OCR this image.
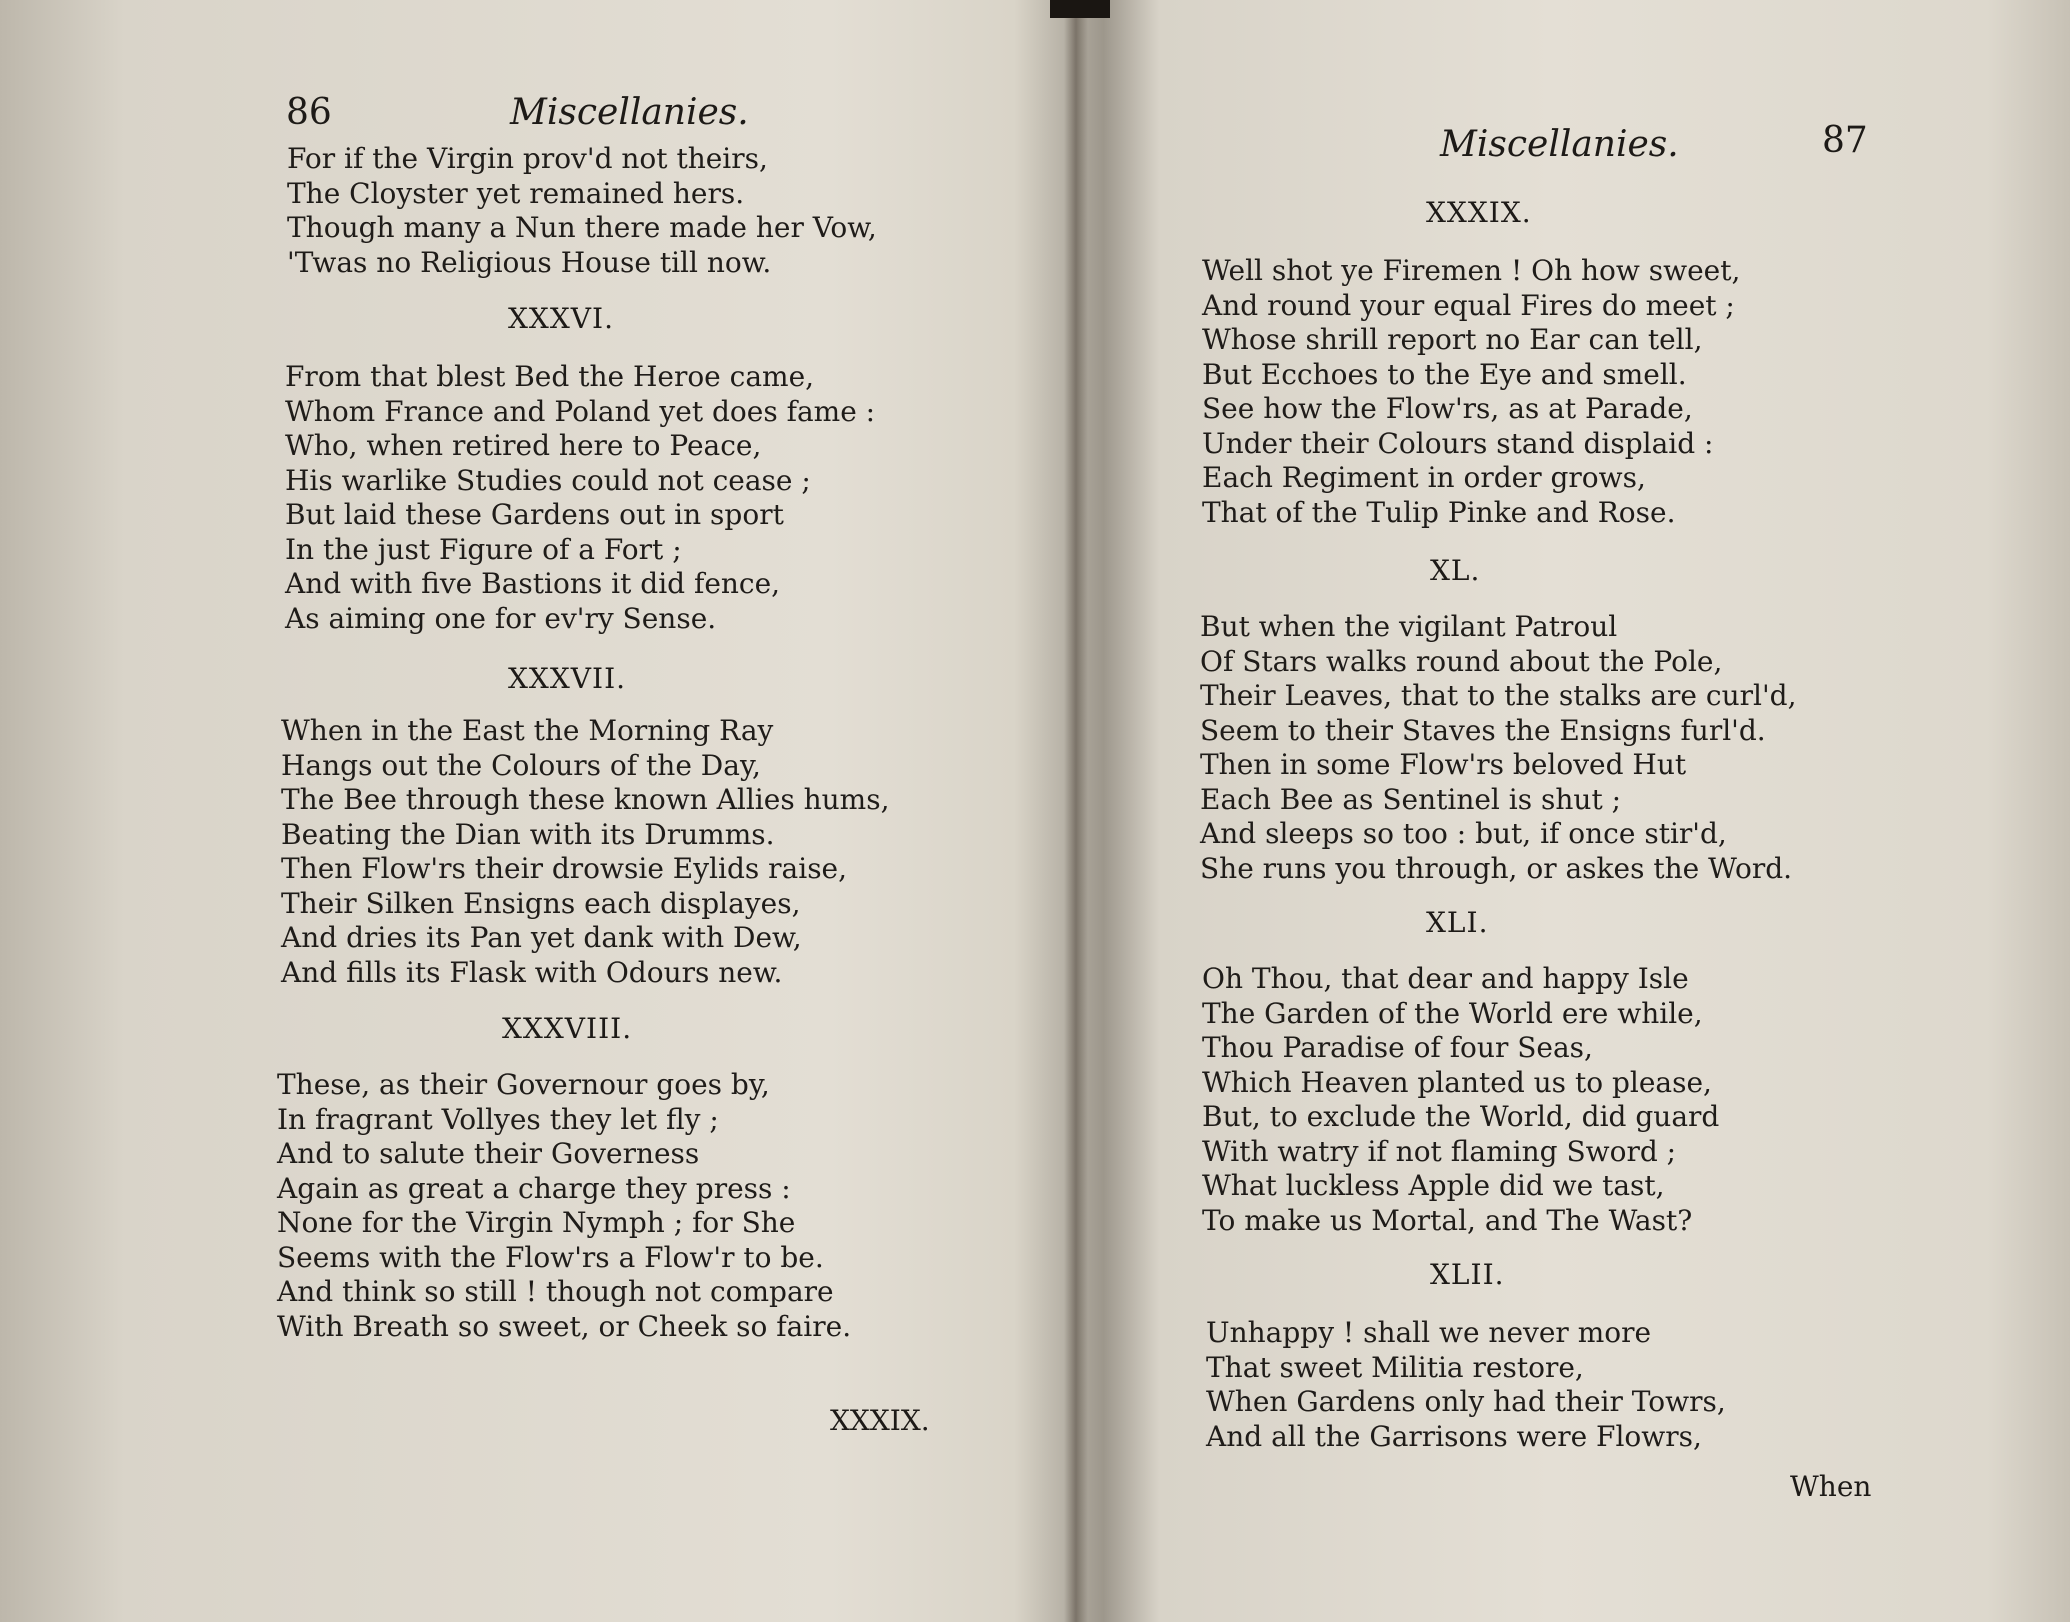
86	Miscellanies.
For if the Virgin prov'd not theirs,
The Cloyster yet remained hers.
Though many a Nun there made her Vow,
'Twas no Religious House till now.
XXXVI.
From that blest Bed the Heroe came,
Whom France and Poland yet does fame :
Who, when retired here to Peace,
His warlike Studies could not cease ;
But laid these Gardens out in sport
In the just Figure of a Fort ;
And with five Bastions it did fence,
As aiming one for ev'ry Sense.
XXXVII.
When in the East the Morning Ray
Hangs out the Colours of the Day,
The Bee through these known Allies hums,
Beating the Dian with its Drumms.
Then Flow'rs their drowsie Eylids raise,
Their Silken Ensigns each displayes,
And dries its Pan yet dank with Dew,
And fills its Flask with Odours new.
XXXVIII.
These, as their Governour goes by,
In fragrant Vollyes they let fly ;
And to salute their Governess
Again as great a charge they press :
None for the Virgin Nymph ; for She
Seems with the Flow'rs a Flow'r to be.
And think so still ! though not compare
With Breath so sweet, or Cheek so faire.
XXXIX.
Miscellanies.	87
XXXIX.
Well shot ye Firemen ! Oh how sweet,
And round your equal Fires do meet ;
Whose shrill report no Ear can tell,
But Ecchoes to the Eye and smell.
See how the Flow'rs, as at Parade,
Under their Colours stand displaid :
Each Regiment in order grows,
That of the Tulip Pinke and Rose.
XL.
But when the vigilant Patroul
Of Stars walks round about the Pole,
Their Leaves, that to the stalks are curl'd,
Seem to their Staves the Ensigns furl'd.
Then in some Flow'rs beloved Hut
Each Bee as Sentinel is shut ;
And sleeps so too : but, if once stir'd,
She runs you through, or askes the Word.
XLI.
Oh Thou, that dear and happy Isle
The Garden of the World ere while,
Thou Paradise of four Seas,
Which Heaven planted us to please,
But, to exclude the World, did guard
With watry if not flaming Sword ;
What luckless Apple did we tast,
To make us Mortal, and The Wast?
XLII.
Unhappy ! shall we never more
That sweet Militia restore,
When Gardens only had their Towrs,
And all the Garrisons were Flowrs,
When
